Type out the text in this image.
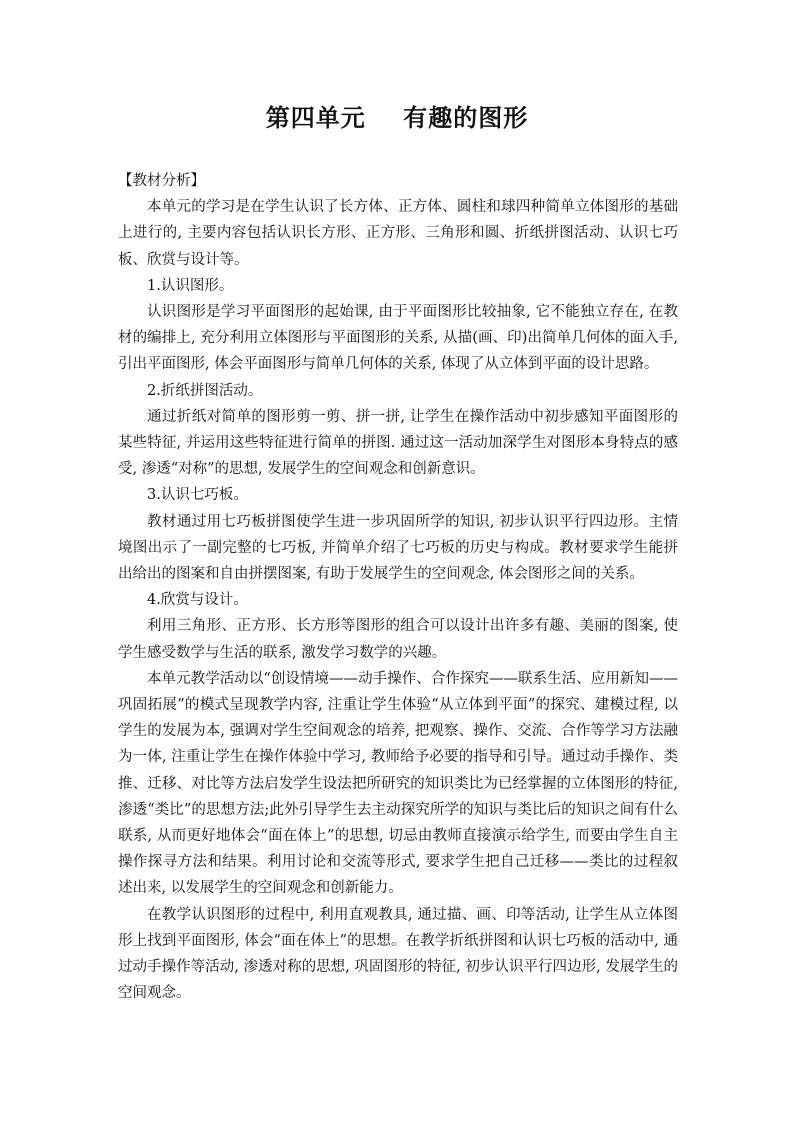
第四单元    有趣的图形

【教材分析】

本单元的学习是在学生认识了长方体、正方体、圆柱和球四种简单立体图形的基础上进行的, 主要内容包括认识长方形、正方形、三角形和圆、折纸拼图活动、认识七巧板、欣赏与设计等。

1.认识图形。

认识图形是学习平面图形的起始课, 由于平面图形比较抽象, 它不能独立存在, 在教材的编排上, 充分利用立体图形与平面图形的关系, 从描(画、印)出简单几何体的面入手, 引出平面图形, 体会平面图形与简单几何体的关系, 体现了从立体到平面的设计思路。

2.折纸拼图活动。

通过折纸对简单的图形剪一剪、拼一拼, 让学生在操作活动中初步感知平面图形的某些特征, 并运用这些特征进行简单的拼图. 通过这一活动加深学生对图形本身特点的感受, 渗透“对称”的思想, 发展学生的空间观念和创新意识。

3.认识七巧板。

教材通过用七巧板拼图使学生进一步巩固所学的知识, 初步认识平行四边形。主情境图出示了一副完整的七巧板, 并简单介绍了七巧板的历史与构成。教材要求学生能拼出给出的图案和自由拼摆图案, 有助于发展学生的空间观念, 体会图形之间的关系。

4.欣赏与设计。

利用三角形、正方形、长方形等图形的组合可以设计出许多有趣、美丽的图案, 使学生感受数学与生活的联系, 激发学习数学的兴趣。

本单元教学活动以“创设情境——动手操作、合作探究——联系生活、应用新知——巩固拓展”的模式呈现教学内容, 注重让学生体验“从立体到平面”的探究、建模过程, 以学生的发展为本, 强调对学生空间观念的培养, 把观察、操作、交流、合作等学习方法融为一体, 注重让学生在操作体验中学习, 教师给予必要的指导和引导。通过动手操作、类推、迁移、对比等方法启发学生设法把所研究的知识类比为已经掌握的立体图形的特征, 渗透“类比”的思想方法;此外引导学生去主动探究所学的知识与类比后的知识之间有什么联系, 从而更好地体会“面在体上”的思想, 切忌由教师直接演示给学生, 而要由学生自主操作探寻方法和结果。利用讨论和交流等形式, 要求学生把自己迁移——类比的过程叙述出来, 以发展学生的空间观念和创新能力。

在教学认识图形的过程中, 利用直观教具, 通过描、画、印等活动, 让学生从立体图形上找到平面图形, 体会“面在体上”的思想。在教学折纸拼图和认识七巧板的活动中, 通过动手操作等活动, 渗透对称的思想, 巩固图形的特征, 初步认识平行四边形, 发展学生的空间观念。
